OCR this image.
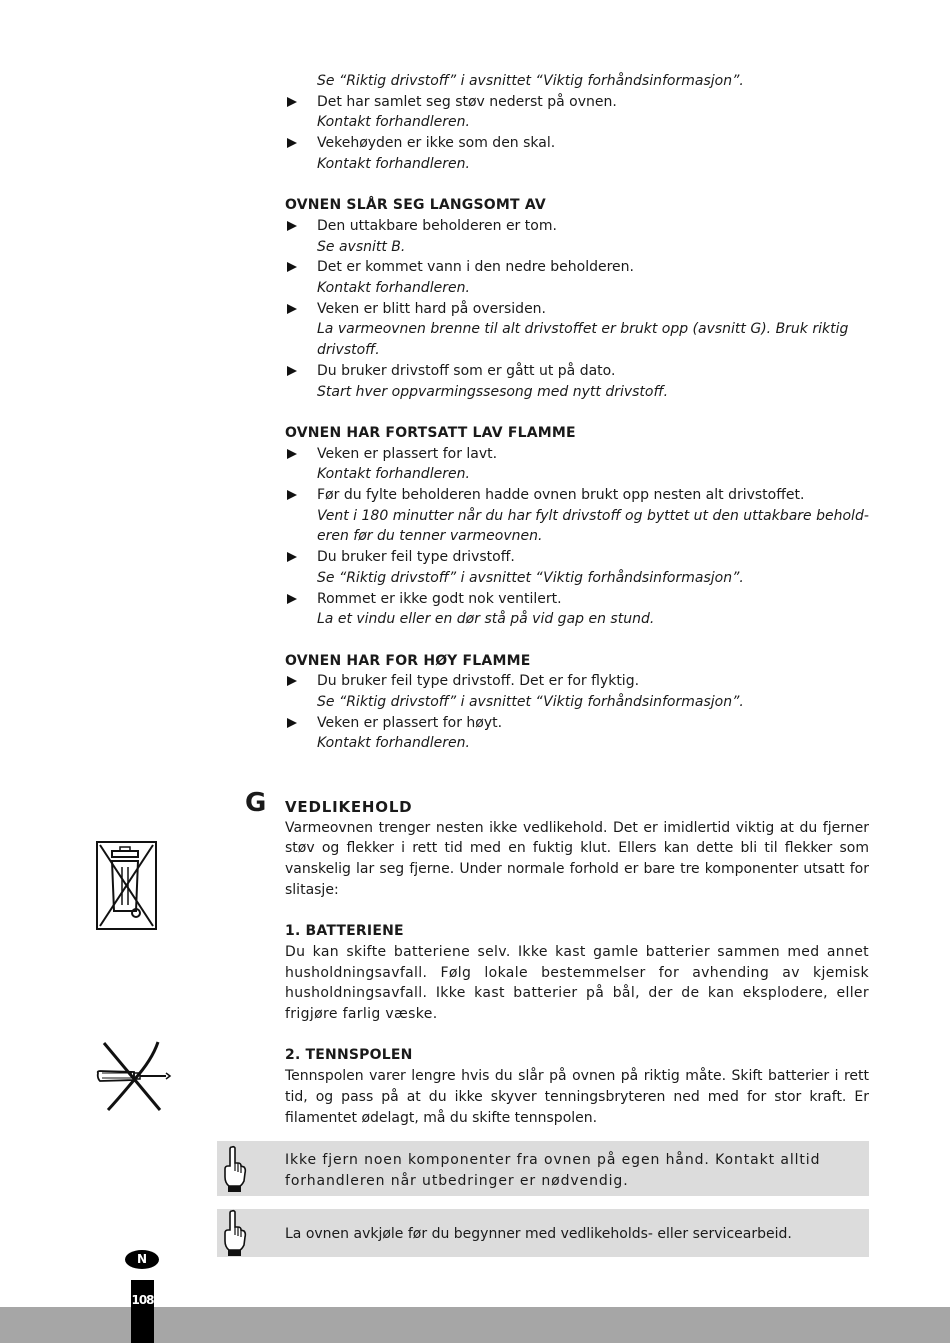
Se “Riktig drivstoff” i avsnittet “Viktig forhåndsinformasjon”.
Det har samlet seg støv nederst på ovnen.
Kontakt forhandleren.
Vekehøyden er ikke som den skal.
Kontakt forhandleren.
OVNEN SLÅR SEG LANGSOMT AV
Den uttakbare beholderen er tom.
Se avsnitt B.
Det er kommet vann i den nedre beholderen.
Kontakt forhandleren.
Veken er blitt hard på oversiden.
La varmeovnen brenne til alt drivstoffet er brukt opp (avsnitt G). Bruk riktig drivstoff.
Du bruker drivstoff som er gått ut på dato.
Start hver oppvarmingssesong med nytt drivstoff.
OVNEN HAR FORTSATT LAV FLAMME
Veken er plassert for lavt.
Kontakt forhandleren.
Før du fylte beholderen hadde ovnen brukt opp nesten alt drivstoffet.
Vent i 180 minutter når du har fylt drivstoff og byttet ut den uttakbare behold-eren før du tenner varmeovnen.
Du bruker feil type drivstoff.
Se “Riktig drivstoff” i avsnittet “Viktig forhåndsinformasjon”.
Rommet er ikke godt nok ventilert.
La et vindu eller en dør stå på vid gap en stund.
OVNEN HAR FOR HØY FLAMME
Du bruker feil type drivstoff. Det er for flyktig.
Se “Riktig drivstoff” i avsnittet “Viktig forhåndsinformasjon”.
Veken er plassert for høyt.
Kontakt forhandleren.
G VEDLIKEHOLD
Varmeovnen trenger nesten ikke vedlikehold. Det er imidlertid viktig at du fjerner støv og flekker i rett tid med en fuktig klut. Ellers kan dette bli til flekker som vanskelig lar seg fjerne. Under normale forhold er bare tre komponenter utsatt for slitasje:
1. BATTERIENE
Du kan skifte batteriene selv. Ikke kast gamle batterier sammen med annet husholdningsavfall. Følg lokale bestemmelser for avhending av kjemisk husholdningsavfall. Ikke kast batterier på bål, der de kan eksplodere, eller frigjøre farlig væske.
2. TENNSPOLEN
Tennspolen varer lengre hvis du slår på ovnen på riktig måte. Skift batterier i rett tid, og pass på at du ikke skyver tenningsbryteren ned med for stor kraft. Er filamentet ødelagt, må du skifte tennspolen.
Ikke fjern noen komponenter fra ovnen på egen hånd. Kontakt alltid forhandleren når utbedringer er nødvendig.
La ovnen avkjøle før du begynner med vedlikeholds- eller servicearbeid.
N
108
